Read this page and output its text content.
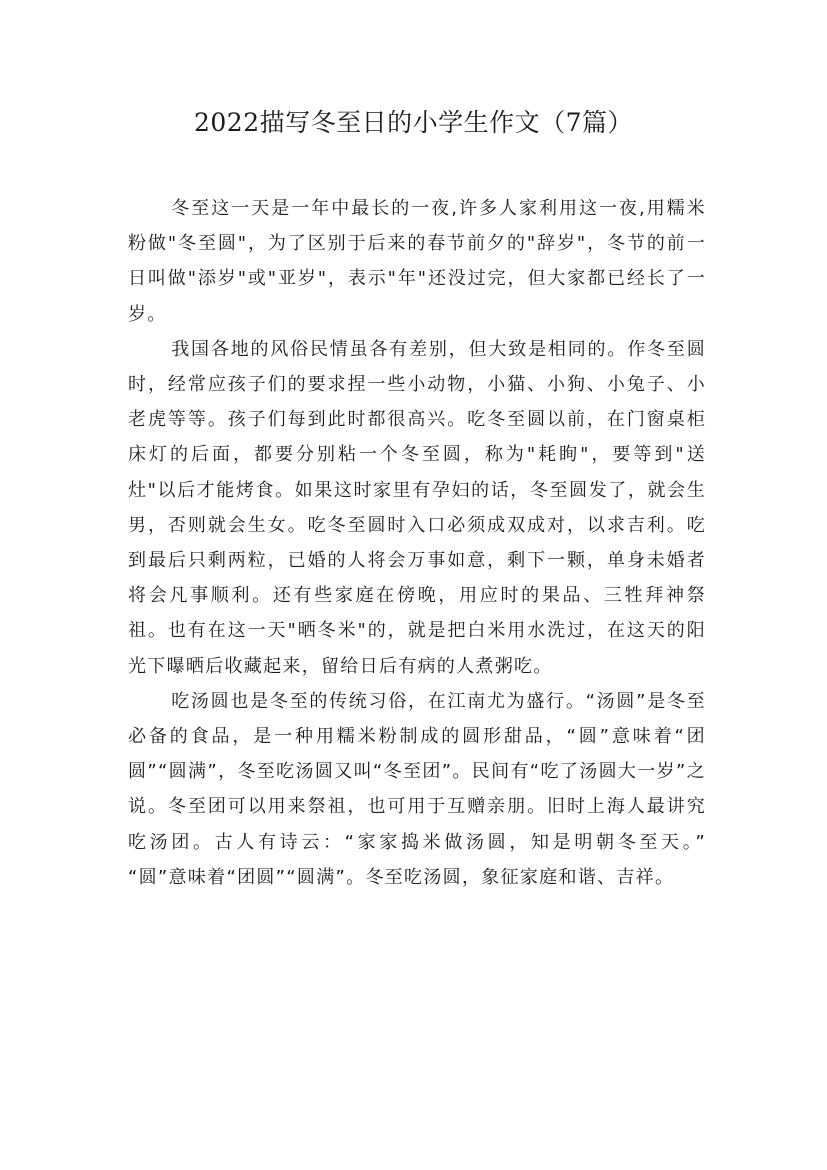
2022描写冬至日的小学生作文（7篇）

冬至这一天是一年中最长的一夜,许多人家利用这一夜,用糯米粉做"冬至圆"，为了区别于后来的春节前夕的"辞岁"，冬节的前一日叫做"添岁"或"亚岁"，表示"年"还没过完，但大家都已经长了一岁。

我国各地的风俗民情虽各有差别，但大致是相同的。作冬至圆时，经常应孩子们的要求捏一些小动物，小猫、小狗、小兔子、小老虎等等。孩子们每到此时都很高兴。吃冬至圆以前，在门窗桌柜床灯的后面，都要分别粘一个冬至圆，称为"耗眴"，要等到"送灶"以后才能烤食。如果这时家里有孕妇的话，冬至圆发了，就会生男，否则就会生女。吃冬至圆时入口必须成双成对，以求吉利。吃到最后只剩两粒，已婚的人将会万事如意，剩下一颗，单身未婚者将会凡事顺利。还有些家庭在傍晚，用应时的果品、三牲拜神祭祖。也有在这一天"晒冬米"的，就是把白米用水洗过，在这天的阳光下曝晒后收藏起来，留给日后有病的人煮粥吃。

吃汤圆也是冬至的传统习俗，在江南尤为盛行。“汤圆”是冬至必备的食品，是一种用糯米粉制成的圆形甜品，“圆”意味着“团圆”“圆满”，冬至吃汤圆又叫“冬至团”。民间有“吃了汤圆大一岁”之说。冬至团可以用来祭祖，也可用于互赠亲朋。旧时上海人最讲究吃汤团。古人有诗云：“家家捣米做汤圆，知是明朝冬至天。” “圆”意味着“团圆”“圆满”。冬至吃汤圆，象征家庭和谐、吉祥。
